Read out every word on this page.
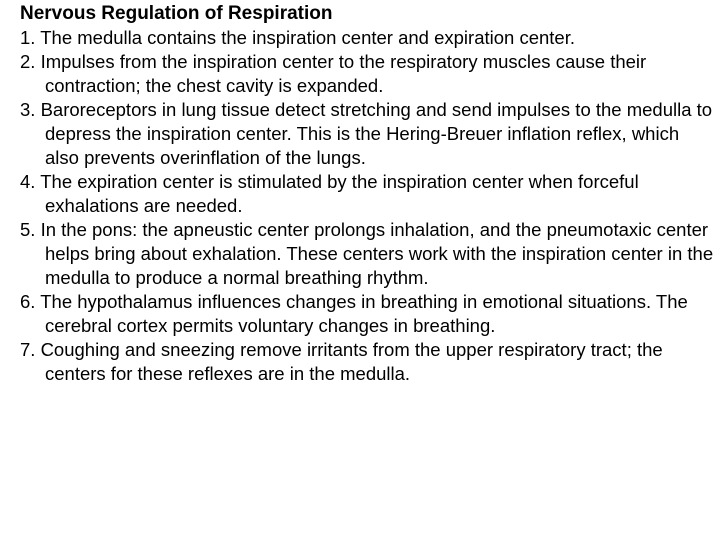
Nervous Regulation of Respiration

1. The medulla contains the inspiration center and expiration center.
2. Impulses from the inspiration center to the respiratory muscles cause their contraction; the chest cavity is expanded.
3. Baroreceptors in lung tissue detect stretching and send impulses to the medulla to depress the inspiration center. This is the Hering-Breuer inflation reflex, which also prevents overinflation of the lungs.
4. The expiration center is stimulated by the inspiration center when forceful exhalations are needed.
5. In the pons: the apneustic center prolongs inhalation, and the pneumotaxic center helps bring about exhalation. These centers work with the inspiration center in the medulla to produce a normal breathing rhythm.
6. The hypothalamus influences changes in breathing in emotional situations. The cerebral cortex permits voluntary changes in breathing.
7. Coughing and sneezing remove irritants from the upper respiratory tract; the centers for these reflexes are in the medulla.
